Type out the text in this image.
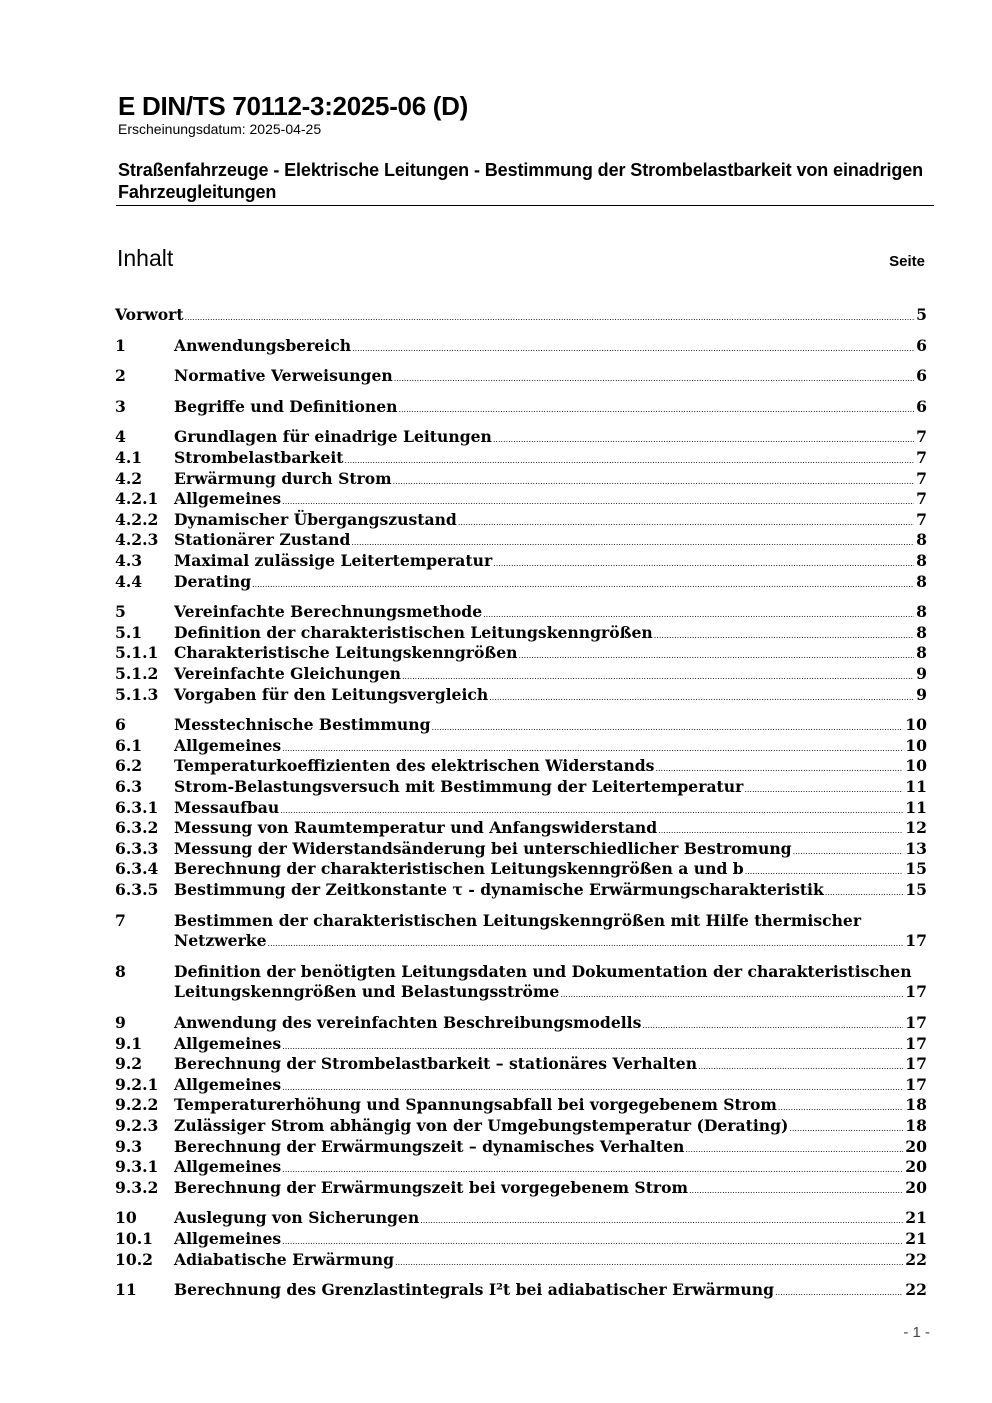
E DIN/TS 70112-3:2025-06 (D)
Erscheinungsdatum: 2025-04-25
Straßenfahrzeuge - Elektrische Leitungen - Bestimmung der Strombelastbarkeit von einadrigen Fahrzeugleitungen
Inhalt	Seite
Vorwort .....	5
1	Anwendungsbereich .....	6
2	Normative Verweisungen .....	6
3	Begriffe und Definitionen .....	6
4	Grundlagen für einadrige Leitungen .....	7
4.1 Strombelastbarkeit .....	7
4.2 Erwärmung durch Strom .....	7
4.2.1 Allgemeines .....	7
4.2.2 Dynamischer Übergangszustand .....	7
4.2.3 Stationärer Zustand .....	8
4.3 Maximal zulässige Leitertemperatur .....	8
4.4 Derating .....	8
5	Vereinfachte Berechnungsmethode .....	8
5.1 Definition der charakteristischen Leitungskenngrößen .....	8
5.1.1 Charakteristische Leitungskenngrößen .....	8
5.1.2 Vereinfachte Gleichungen .....	9
5.1.3 Vorgaben für den Leitungsvergleich .....	9
6	Messtechnische Bestimmung .....	10
6.1 Allgemeines .....	10
6.2 Temperaturkoeffizienten des elektrischen Widerstands .....	10
6.3 Strom-Belastungsversuch mit Bestimmung der Leitertemperatur .....	11
6.3.1 Messaufbau .....	11
6.3.2 Messung von Raumtemperatur und Anfangswiderstand .....	12
6.3.3 Messung der Widerstandsänderung bei unterschiedlicher Bestromung .....	13
6.3.4 Berechnung der charakteristischen Leitungskenngrößen a und b .....	15
6.3.5 Bestimmung der Zeitkonstante τ - dynamische Erwärmungscharakteristik .....	15
7	Bestimmen der charakteristischen Leitungskenngrößen mit Hilfe thermischer
Netzwerke .....	17
8	Definition der benötigten Leitungsdaten und Dokumentation der charakteristischen
Leitungskenngrößen und Belastungsströme .....	17
9	Anwendung des vereinfachten Beschreibungsmodells .....	17
9.1 Allgemeines .....	17
9.2 Berechnung der Strombelastbarkeit – stationäres Verhalten .....	17
9.2.1 Allgemeines .....	17
9.2.2 Temperaturerhöhung und Spannungsabfall bei vorgegebenem Strom .....	18
9.2.3 Zulässiger Strom abhängig von der Umgebungstemperatur (Derating) .....	18
9.3 Berechnung der Erwärmungszeit – dynamisches Verhalten .....	20
9.3.1 Allgemeines .....	20
9.3.2 Berechnung der Erwärmungszeit bei vorgegebenem Strom .....	20
10 Auslegung von Sicherungen .....	21
10.1 Allgemeines .....	21
10.2 Adiabatische Erwärmung .....	22
11 Berechnung des Grenzlastintegrals I²t bei adiabatischer Erwärmung .....	22
- 1 -
